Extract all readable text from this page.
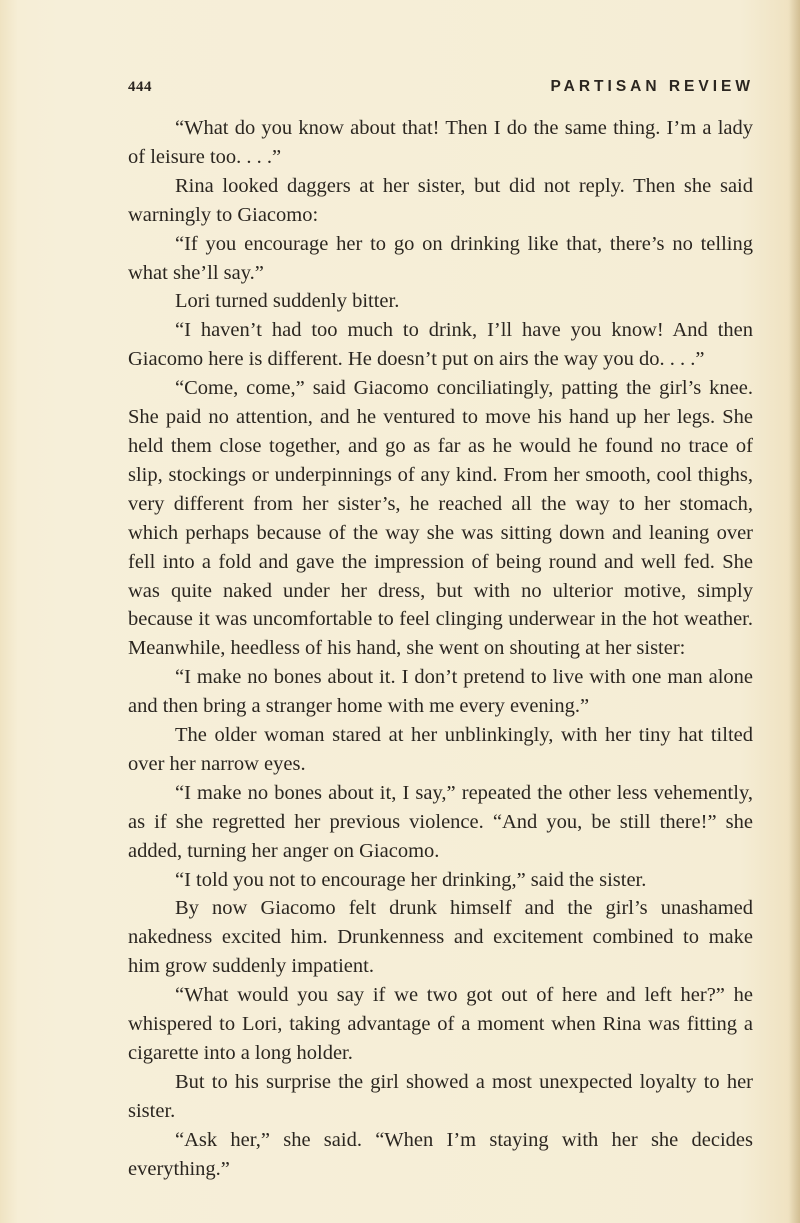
444	PARTISAN REVIEW

“What do you know about that! Then I do the same thing. I’m a lady of leisure too. . . .”

Rina looked daggers at her sister, but did not reply. Then she said warningly to Giacomo:

“If you encourage her to go on drinking like that, there’s no telling what she’ll say.”

Lori turned suddenly bitter.

“I haven’t had too much to drink, I’ll have you know! And then Giacomo here is different. He doesn’t put on airs the way you do. . . .”

“Come, come,” said Giacomo conciliatingly, patting the girl’s knee. She paid no attention, and he ventured to move his hand up her legs. She held them close together, and go as far as he would he found no trace of slip, stockings or underpinnings of any kind. From her smooth, cool thighs, very different from her sister’s, he reached all the way to her stomach, which perhaps because of the way she was sitting down and leaning over fell into a fold and gave the impression of being round and well fed. She was quite naked under her dress, but with no ulterior motive, simply because it was uncomfortable to feel clinging underwear in the hot weather. Meanwhile, heedless of his hand, she went on shouting at her sister:

“I make no bones about it. I don’t pretend to live with one man alone and then bring a stranger home with me every evening.”

The older woman stared at her unblinkingly, with her tiny hat tilted over her narrow eyes.

“I make no bones about it, I say,” repeated the other less vehemently, as if she regretted her previous violence. “And you, be still there!” she added, turning her anger on Giacomo.

“I told you not to encourage her drinking,” said the sister.

By now Giacomo felt drunk himself and the girl’s unashamed nakedness excited him. Drunkenness and excitement combined to make him grow suddenly impatient.

“What would you say if we two got out of here and left her?” he whispered to Lori, taking advantage of a moment when Rina was fitting a cigarette into a long holder.

But to his surprise the girl showed a most unexpected loyalty to her sister.

“Ask her,” she said. “When I’m staying with her she decides everything.”
